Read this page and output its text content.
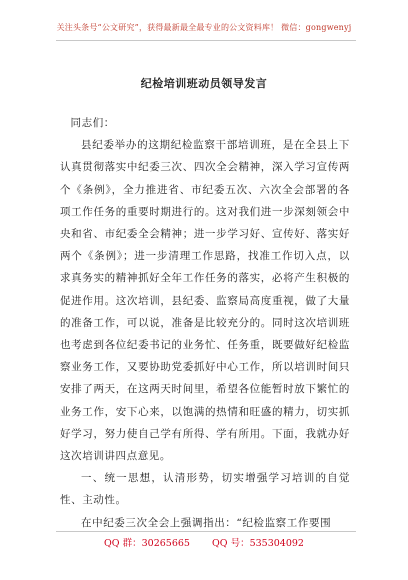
关注头条号“公文研究”，获得最新最全最专业的公文资料库！ 微信：gongwenyj
纪检培训班动员领导发言

同志们：

县纪委举办的这期纪检监察干部培训班，是在全县上下认真贯彻落实中纪委三次、四次全会精神，深入学习宣传两个《条例》，全力推进省、市纪委五次、六次全会部署的各项工作任务的重要时期进行的。这对我们进一步深刻领会中央和省、市纪委全会精神；进一步学习好、宣传好、落实好两个《条例》；进一步清理工作思路，找准工作切入点，以求真务实的精神抓好全年工作任务的落实，必将产生积极的促进作用。这次培训，县纪委、监察局高度重视，做了大量的准备工作，可以说，准备是比较充分的。同时这次培训班也考虑到各位纪委书记的业务忙、任务重，既要做好纪检监察业务工作，又要协助党委抓好中心工作，所以培训时间只安排了两天，在这两天时间里，希望各位能暂时放下繁忙的业务工作，安下心来，以饱满的热情和旺盛的精力，切实抓好学习，努力使自己学有所得、学有所用。下面，我就办好这次培训讲四点意见。

一、统一思想，认清形势，切实增强学习培训的自觉性、主动性。

在中纪委三次全会上强调指出：“纪检监察工作要围

QQ 群：30265665 QQ 号：535304092
